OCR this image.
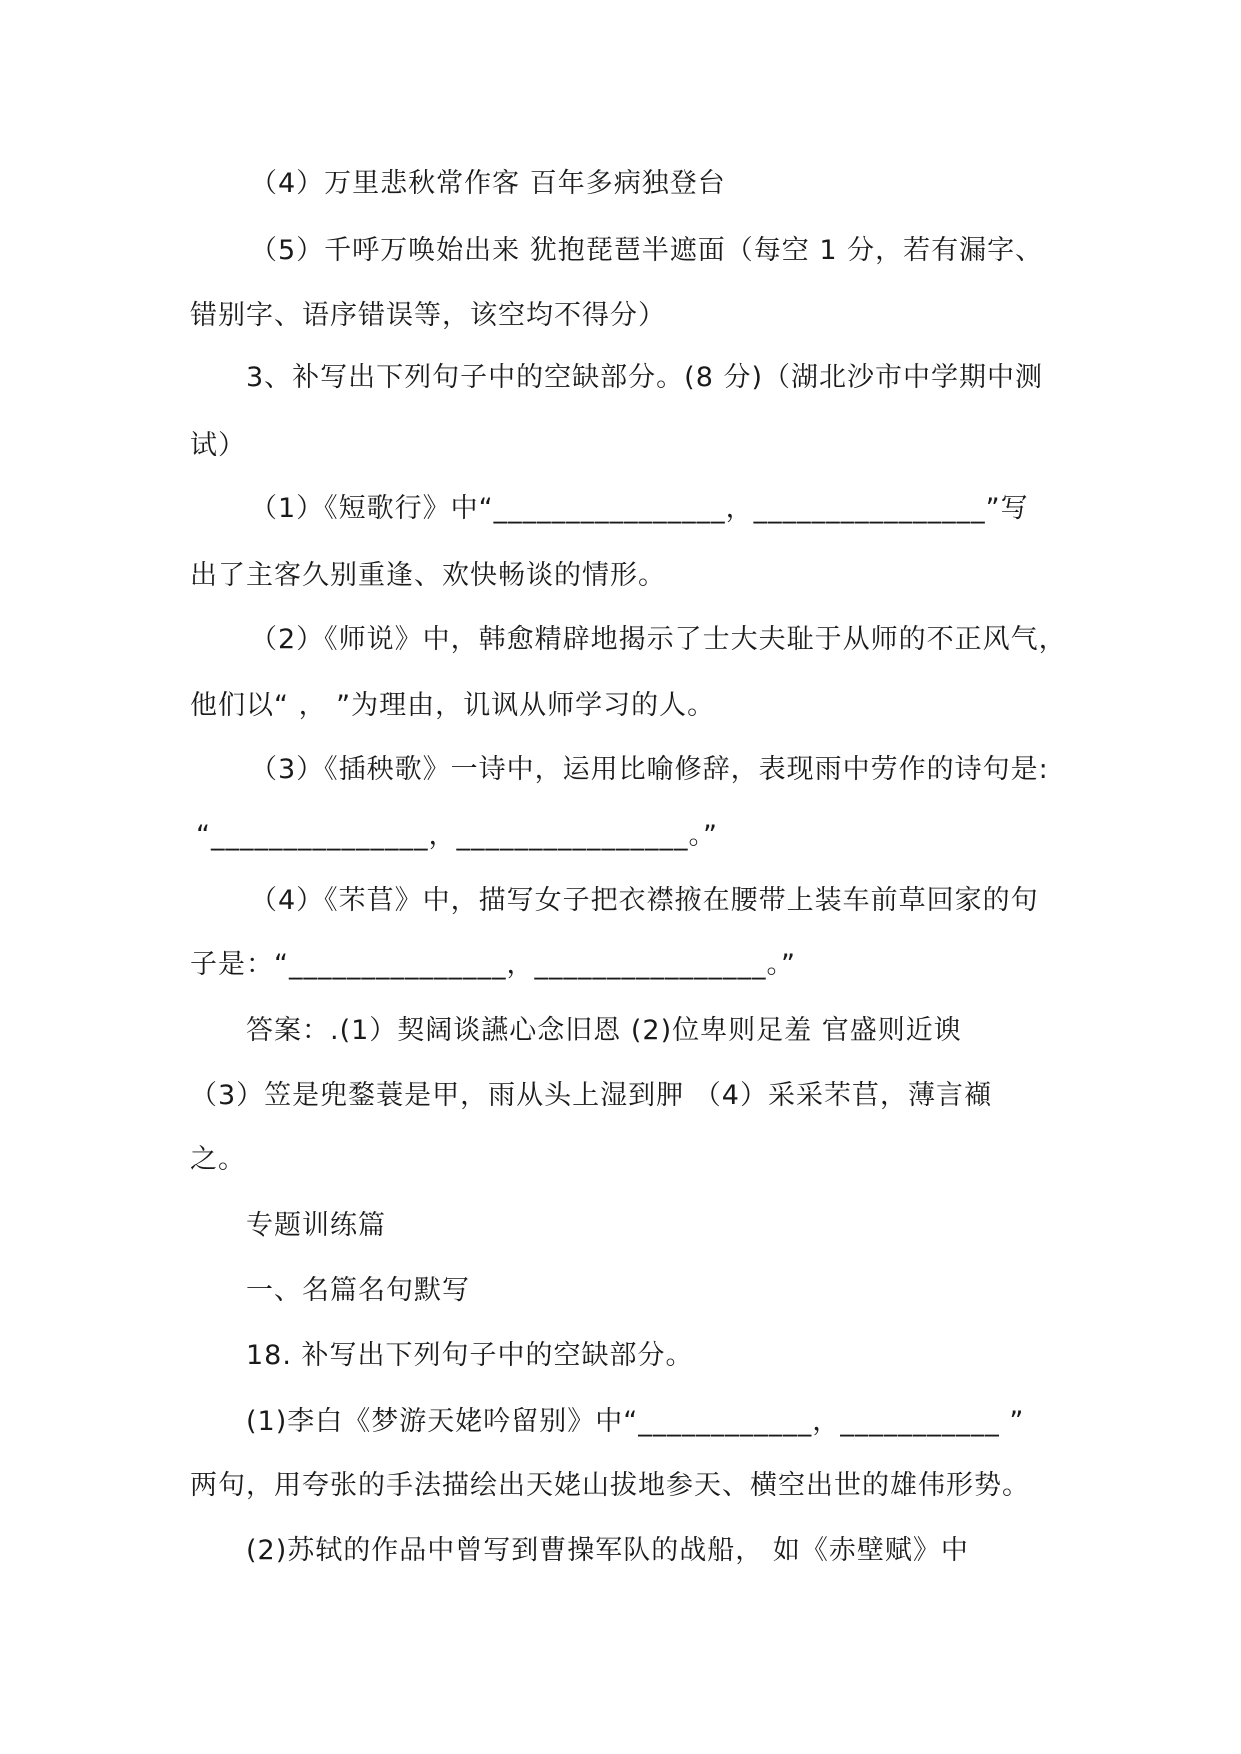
（4）万里悲秋常作客 百年多病独登台
（5）千呼万唤始出来 犹抱琵琶半遮面（每空 1 分，若有漏字、
错别字、语序错误等，该空均不得分）
3、补写出下列句子中的空缺部分。(8 分)（湖北沙市中学期中测
试）
（1）《短歌行》中“________________，________________”写
出了主客久别重逢、欢快畅谈的情形。
（2）《师说》中，韩愈精辟地揭示了士大夫耻于从师的不正风气，
他们以“ ， ”为理由，讥讽从师学习的人。
（3）《插秧歌》一诗中，运用比喻修辞，表现雨中劳作的诗句是:
“_______________，________________。”
（4）《芣苢》中，描写女子把衣襟掖在腰带上装车前草回家的句
子是：“_______________，________________。”
答案：.(1）契阔谈讌心念旧恩 (2)位卑则足羞 官盛则近谀
（3）笠是兜鍪蓑是甲，雨从头上湿到胛 （4）采采芣苢，薄言襭
之。
专题训练篇
一、名篇名句默写
18. 补写出下列句子中的空缺部分。
(1)李白《梦游天姥吟留别》中“____________，___________ ”
两句，用夸张的手法描绘出天姥山拔地参天、横空出世的雄伟形势。
(2)苏轼的作品中曾写到曹操军队的战船， 如《赤壁赋》中
